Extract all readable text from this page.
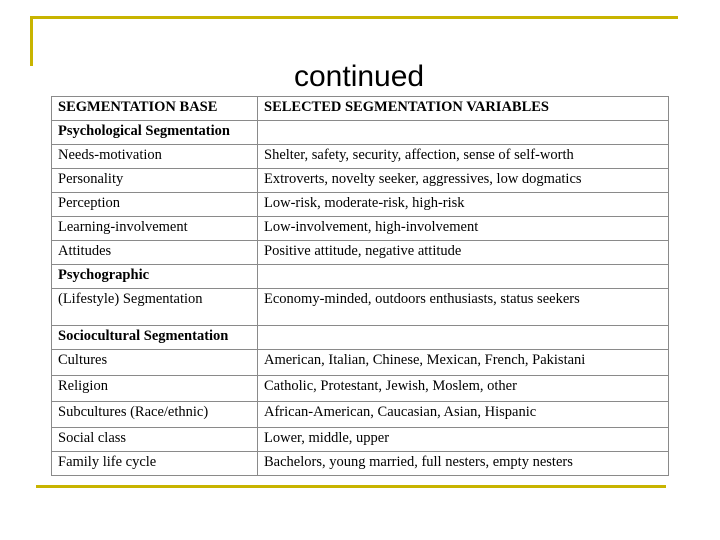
continued
SEGMENTATION BASE	SELECTED SEGMENTATION VARIABLES
Psychological Segmentation	
Needs-motivation	Shelter, safety, security, affection, sense of self-worth
Personality	Extroverts, novelty seeker, aggressives, low dogmatics
Perception	Low-risk, moderate-risk, high-risk
Learning-involvement	Low-involvement, high-involvement
Attitudes	Positive attitude, negative attitude
Psychographic	
(Lifestyle) Segmentation	Economy-minded, outdoors enthusiasts, status seekers
Sociocultural Segmentation	
Cultures	American, Italian, Chinese, Mexican, French, Pakistani
Religion	Catholic, Protestant, Jewish, Moslem, other
Subcultures (Race/ethnic)	African-American, Caucasian, Asian, Hispanic
Social class	Lower, middle, upper
Family life cycle	Bachelors, young married, full nesters, empty nesters
